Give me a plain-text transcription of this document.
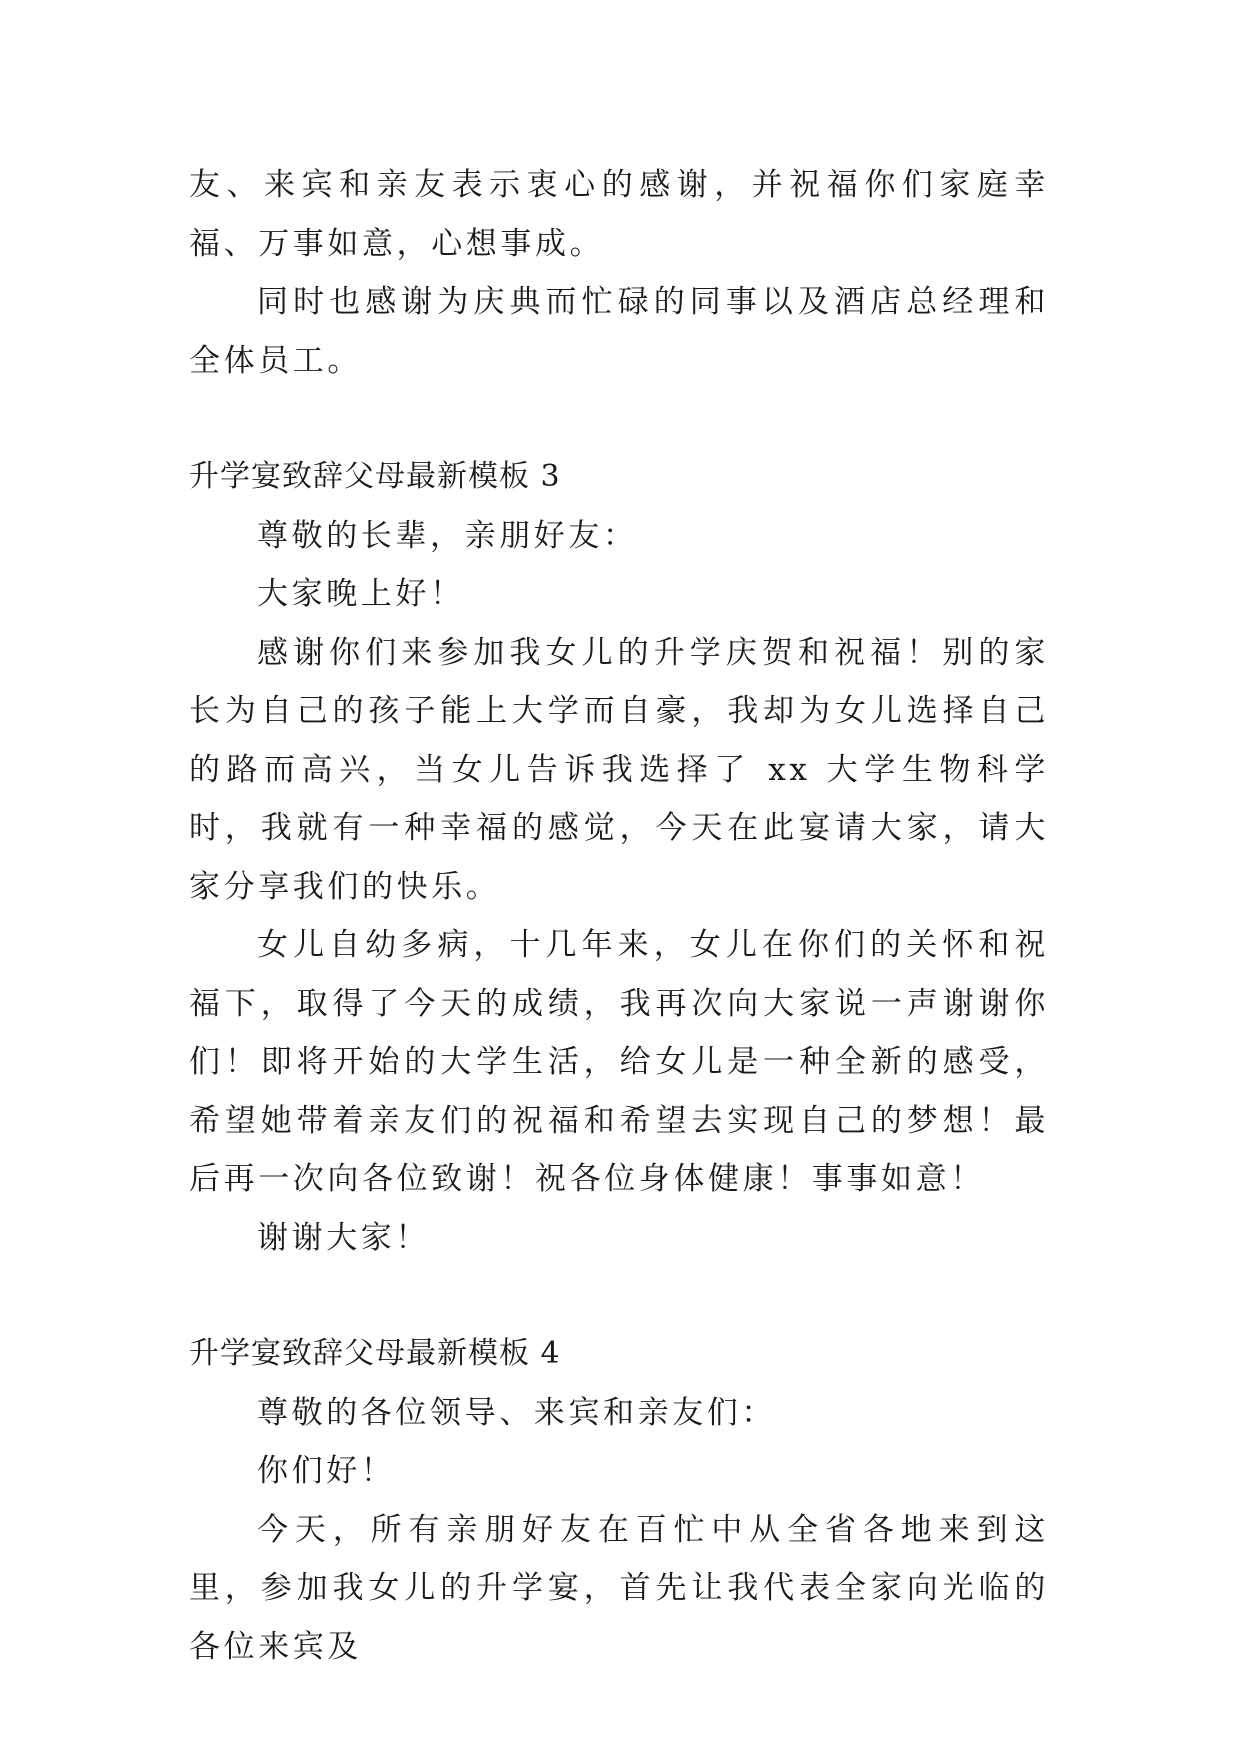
友、来宾和亲友表示衷心的感谢，并祝福你们家庭幸福、万事如意，心想事成。

同时也感谢为庆典而忙碌的同事以及酒店总经理和全体员工。

升学宴致辞父母最新模板 3

尊敬的长辈，亲朋好友：

大家晚上好！

感谢你们来参加我女儿的升学庆贺和祝福！别的家长为自己的孩子能上大学而自豪，我却为女儿选择自己的路而高兴，当女儿告诉我选择了 xx 大学生物科学时，我就有一种幸福的感觉，今天在此宴请大家，请大家分享我们的快乐。

女儿自幼多病，十几年来，女儿在你们的关怀和祝福下，取得了今天的成绩，我再次向大家说一声谢谢你们！即将开始的大学生活，给女儿是一种全新的感受，希望她带着亲友们的祝福和希望去实现自己的梦想！最后再一次向各位致谢！祝各位身体健康！事事如意！

谢谢大家！

升学宴致辞父母最新模板 4

尊敬的各位领导、来宾和亲友们：

你们好！

今天，所有亲朋好友在百忙中从全省各地来到这里，参加我女儿的升学宴，首先让我代表全家向光临的各位来宾及
